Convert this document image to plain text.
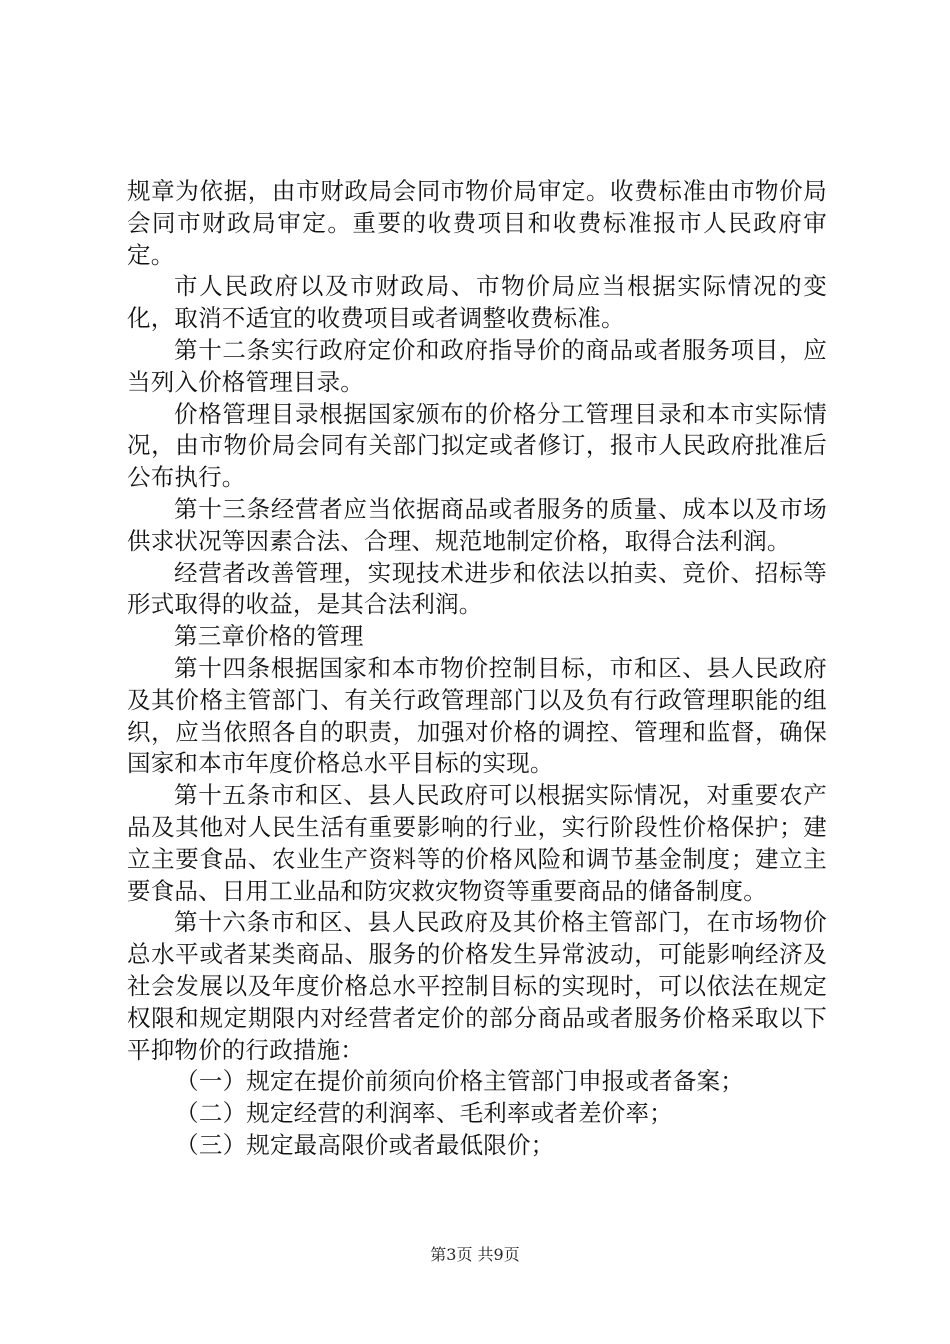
规章为依据，由市财政局会同市物价局审定。收费标准由市物价局会同市财政局审定。重要的收费项目和收费标准报市人民政府审定。

市人民政府以及市财政局、市物价局应当根据实际情况的变化，取消不适宜的收费项目或者调整收费标准。

第十二条实行政府定价和政府指导价的商品或者服务项目，应当列入价格管理目录。

价格管理目录根据国家颁布的价格分工管理目录和本市实际情况，由市物价局会同有关部门拟定或者修订，报市人民政府批准后公布执行。

第十三条经营者应当依据商品或者服务的质量、成本以及市场供求状况等因素合法、合理、规范地制定价格，取得合法利润。

经营者改善管理，实现技术进步和依法以拍卖、竞价、招标等形式取得的收益，是其合法利润。

第三章价格的管理

第十四条根据国家和本市物价控制目标，市和区、县人民政府及其价格主管部门、有关行政管理部门以及负有行政管理职能的组织，应当依照各自的职责，加强对价格的调控、管理和监督，确保国家和本市年度价格总水平目标的实现。

第十五条市和区、县人民政府可以根据实际情况，对重要农产品及其他对人民生活有重要影响的行业，实行阶段性价格保护；建立主要食品、农业生产资料等的价格风险和调节基金制度；建立主要食品、日用工业品和防灾救灾物资等重要商品的储备制度。

第十六条市和区、县人民政府及其价格主管部门，在市场物价总水平或者某类商品、服务的价格发生异常波动，可能影响经济及社会发展以及年度价格总水平控制目标的实现时，可以依法在规定权限和规定期限内对经营者定价的部分商品或者服务价格采取以下平抑物价的行政措施：

（一）规定在提价前须向价格主管部门申报或者备案；

（二）规定经营的利润率、毛利率或者差价率；

（三）规定最高限价或者最低限价；

第3页 共9页
